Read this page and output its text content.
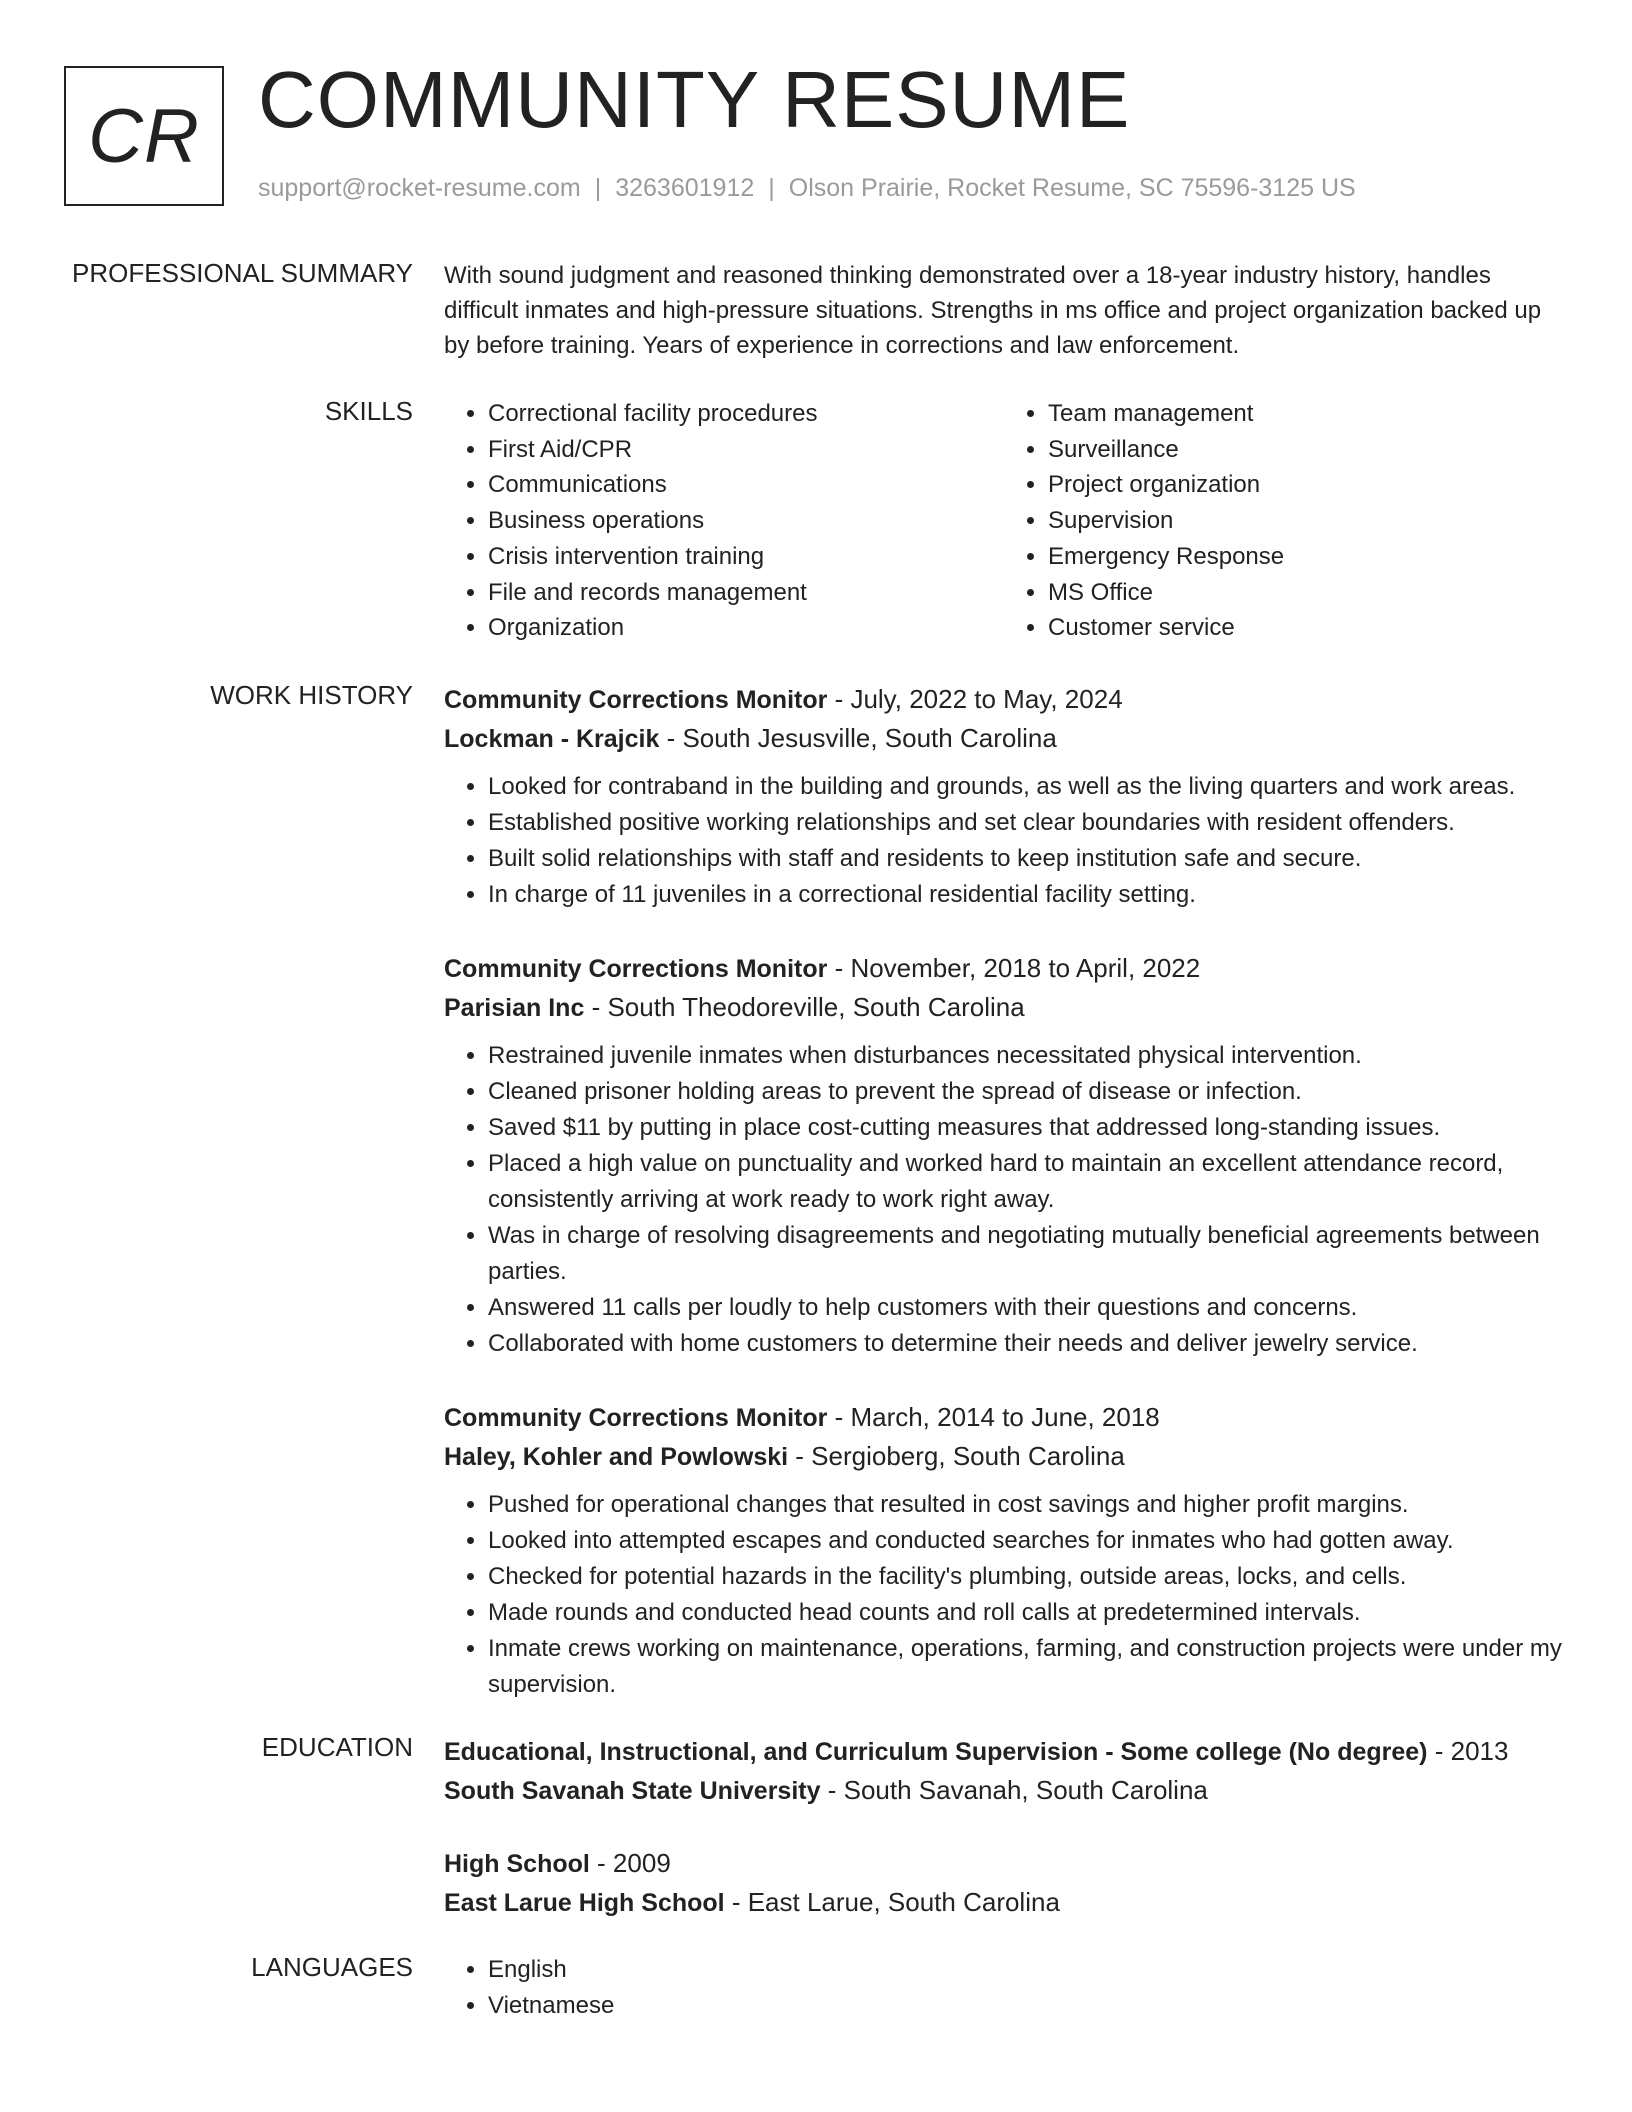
CR COMMUNITY RESUME
support@rocket-resume.com | 3263601912 | Olson Prairie, Rocket Resume, SC 75596-3125 US
PROFESSIONAL SUMMARY With sound judgment and reasoned thinking demonstrated over a 18-year industry history, handles difficult inmates and high-pressure situations. Strengths in ms office and project organization backed up by before training. Years of experience in corrections and law enforcement.
SKILLS	• Correctional facility procedures
• First Aid/CPR
• Communications
• Business operations
• Crisis intervention training
• File and records management
• Organization
• Team management
• Surveillance
• Project organization
• Supervision
• Emergency Response
• MS Office
• Customer service
WORK HISTORY Community Corrections Monitor - July, 2022 to May, 2024
Lockman - Krajcik - South Jesusville, South Carolina
• Looked for contraband in the building and grounds, as well as the living quarters and work areas.
• Established positive working relationships and set clear boundaries with resident offenders.
• Built solid relationships with staff and residents to keep institution safe and secure.
• In charge of 11 juveniles in a correctional residential facility setting.
Community Corrections Monitor - November, 2018 to April, 2022
Parisian Inc - South Theodoreville, South Carolina
• Restrained juvenile inmates when disturbances necessitated physical intervention.
• Cleaned prisoner holding areas to prevent the spread of disease or infection.
• Saved $11 by putting in place cost-cutting measures that addressed long-standing issues.
• Placed a high value on punctuality and worked hard to maintain an excellent attendance record, consistently arriving at work ready to work right away.
• Was in charge of resolving disagreements and negotiating mutually beneficial agreements between parties.
• Answered 11 calls per loudly to help customers with their questions and concerns.
• Collaborated with home customers to determine their needs and deliver jewelry service.
Community Corrections Monitor - March, 2014 to June, 2018
Haley, Kohler and Powlowski - Sergioberg, South Carolina
• Pushed for operational changes that resulted in cost savings and higher profit margins.
• Looked into attempted escapes and conducted searches for inmates who had gotten away.
• Checked for potential hazards in the facility's plumbing, outside areas, locks, and cells.
• Made rounds and conducted head counts and roll calls at predetermined intervals.
• Inmate crews working on maintenance, operations, farming, and construction projects were under my supervision.
EDUCATION Educational, Instructional, and Curriculum Supervision - Some college (No degree) - 2013
South Savanah State University - South Savanah, South Carolina
High School - 2009
East Larue High School - East Larue, South Carolina
LANGUAGES	• English
• Vietnamese
